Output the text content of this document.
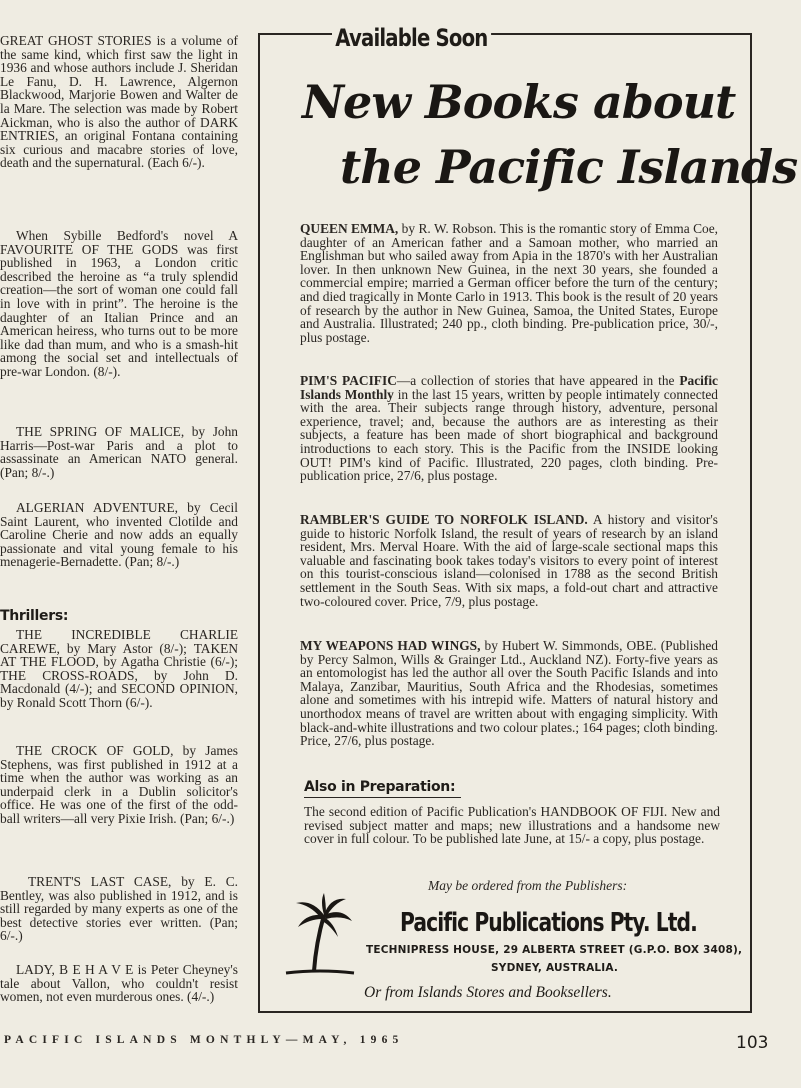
GREAT GHOST STORIES is a volume of the same kind, which first saw the light in 1936 and whose authors include J. Sheridan Le Fanu, D. H. Lawrence, Algernon Blackwood, Marjorie Bowen and Walter de la Mare. The selection was made by Robert Aickman, who is also the author of DARK ENTRIES, an original Fontana containing six curious and macabre stories of love, death and the supernatural. (Each 6/-).

When Sybille Bedford's novel A FAVOURITE OF THE GODS was first published in 1963, a London critic described the heroine as “a truly splendid creation—the sort of woman one could fall in love with in print”. The heroine is the daughter of an Italian Prince and an American heiress, who turns out to be more like dad than mum, and who is a smash-hit among the social set and intellectuals of pre-war London. (8/-).

THE SPRING OF MALICE, by John Harris—Post-war Paris and a plot to assassinate an American NATO general. (Pan; 8/-.)

ALGERIAN ADVENTURE, by Cecil Saint Laurent, who invented Clotilde and Caroline Cherie and now adds an equally passionate and vital young female to his menagerie-Bernadette. (Pan; 8/-.)

Thrillers:

THE INCREDIBLE CHARLIE CAREWE, by Mary Astor (8/-); TAKEN AT THE FLOOD, by Agatha Christie (6/-); THE CROSS-ROADS, by John D. Macdonald (4/-); and SECOND OPINION, by Ronald Scott Thorn (6/-).

THE CROCK OF GOLD, by James Stephens, was first published in 1912 at a time when the author was working as an underpaid clerk in a Dublin solicitor's office. He was one of the first of the odd-ball writers—all very Pixie Irish. (Pan; 6/-.)

TRENT'S LAST CASE, by E. C. Bentley, was also published in 1912, and is still regarded by many experts as one of the best detective stories ever written. (Pan; 6/-.)

LADY, B E H A V E is Peter Cheyney's tale about Vallon, who couldn't resist women, not even murderous ones. (4/-.)

Available Soon
New Books about
the Pacific Islands

QUEEN EMMA, by R. W. Robson. This is the romantic story of Emma Coe, daughter of an American father and a Samoan mother, who married an Englishman but who sailed away from Apia in the 1870's with her Australian lover. In then unknown New Guinea, in the next 30 years, she founded a commercial empire; married a German officer before the turn of the century; and died tragically in Monte Carlo in 1913. This book is the result of 20 years of research by the author in New Guinea, Samoa, the United States, Europe and Australia. Illustrated; 240 pp., cloth binding. Pre-publication price, 30/-, plus postage.

PIM'S PACIFIC—a collection of stories that have appeared in the Pacific Islands Monthly in the last 15 years, written by people intimately connected with the area. Their subjects range through history, adventure, personal experience, travel; and, because the authors are as interesting as their subjects, a feature has been made of short biographical and background introductions to each story. This is the Pacific from the INSIDE looking OUT! PIM's kind of Pacific. Illustrated, 220 pages, cloth binding. Pre-publication price, 27/6, plus postage.

RAMBLER'S GUIDE TO NORFOLK ISLAND. A history and visitor's guide to historic Norfolk Island, the result of years of research by an island resident, Mrs. Merval Hoare. With the aid of large-scale sectional maps this valuable and fascinating book takes today's visitors to every point of interest on this tourist-conscious island—colonised in 1788 as the second British settlement in the South Seas. With six maps, a fold-out chart and attractive two-coloured cover. Price, 7/9, plus postage.

MY WEAPONS HAD WINGS, by Hubert W. Simmonds, OBE. (Published by Percy Salmon, Wills & Grainger Ltd., Auckland NZ). Forty-five years as an entomologist has led the author all over the South Pacific Islands and into Malaya, Zanzibar, Mauritius, South Africa and the Rhodesias, sometimes alone and sometimes with his intrepid wife. Matters of natural history and unorthodox means of travel are written about with engaging simplicity. With black-and-white illustrations and two colour plates.; 164 pages; cloth binding. Price, 27/6, plus postage.

Also in Preparation:

The second edition of Pacific Publication's HANDBOOK OF FIJI. New and revised subject matter and maps; new illustrations and a handsome new cover in full colour. To be published late June, at 15/- a copy, plus postage.

May be ordered from the Publishers:
Pacific Publications Pty. Ltd.
TECHNIPRESS HOUSE, 29 ALBERTA STREET (G.P.O. BOX 3408),
SYDNEY, AUSTRALIA.
Or from Islands Stores and Booksellers.
PACIFIC ISLANDS MONTHLY—MAY, 1965	103
